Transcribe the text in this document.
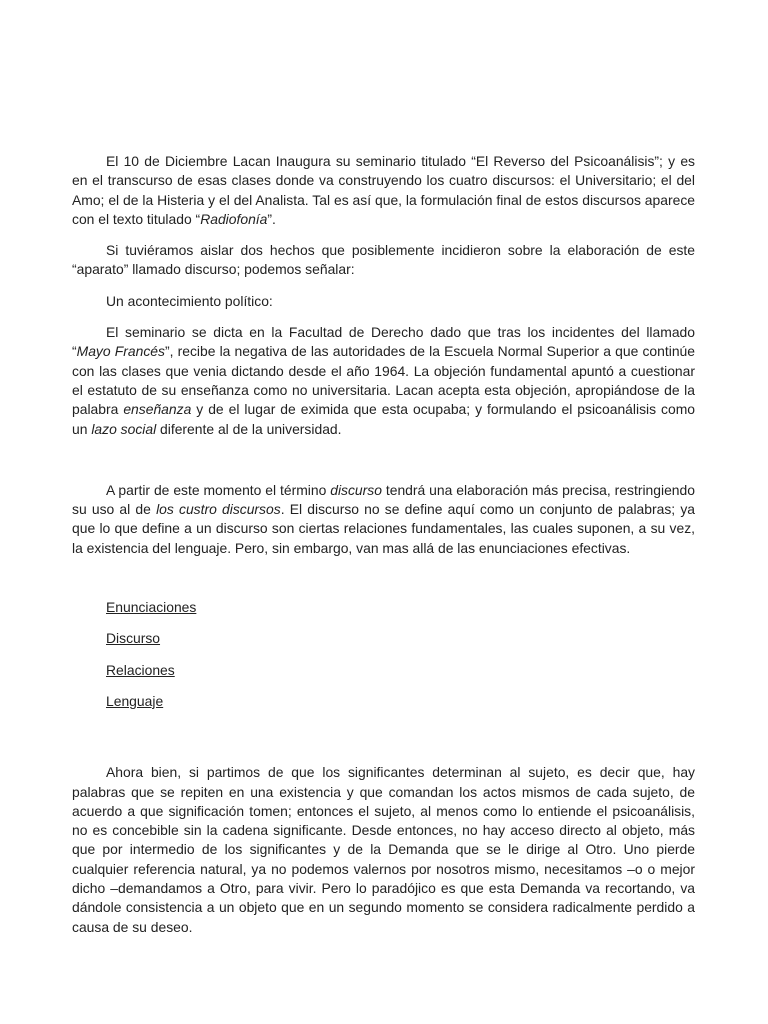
El 10 de Diciembre Lacan Inaugura su seminario titulado “El Reverso del Psicoanálisis”; y es en el transcurso de esas clases donde va construyendo los cuatro discursos: el Universitario; el del Amo; el de la Histeria y el del Analista. Tal es así que, la formulación final de estos discursos aparece con el texto titulado “Radiofonía”.

Si tuviéramos aislar dos hechos que posiblemente incidieron sobre la elaboración de este “aparato” llamado discurso; podemos señalar:

Un acontecimiento político:

El seminario se dicta en la Facultad de Derecho dado que tras los incidentes del llamado “Mayo Francés”, recibe la negativa de las autoridades de la Escuela Normal Superior a que continúe con las clases que venia dictando desde el año 1964. La objeción fundamental apuntó a cuestionar el estatuto de su enseñanza como no universitaria. Lacan acepta esta objeción, apropiándose de la palabra enseñanza y de el lugar de eximida que esta ocupaba; y formulando el psicoanálisis como un lazo social diferente al de la universidad.

A partir de este momento el término discurso tendrá una elaboración más precisa, restringiendo su uso al de los custro discursos. El discurso no se define aquí como un conjunto de palabras; ya que lo que define a un discurso son ciertas relaciones fundamentales, las cuales suponen, a su vez, la existencia del lenguaje. Pero, sin embargo, van mas allá de las enunciaciones efectivas.

Enunciaciones
Discurso
Relaciones
Lenguaje

Ahora bien, si partimos de que los significantes determinan al sujeto, es decir que, hay palabras que se repiten en una existencia y que comandan los actos mismos de cada sujeto, de acuerdo a que significación tomen; entonces el sujeto, al menos como lo entiende el psicoanálisis, no es concebible sin la cadena significante. Desde entonces, no hay acceso directo al objeto, más que por intermedio de los significantes y de la Demanda que se le dirige al Otro. Uno pierde cualquier referencia natural, ya no podemos valernos por nosotros mismo, necesitamos –o o mejor dicho –demandamos a Otro, para vivir. Pero lo paradójico es que esta Demanda va recortando, va dándole consistencia a un objeto que en un segundo momento se considera radicalmente perdido a causa de su deseo.
